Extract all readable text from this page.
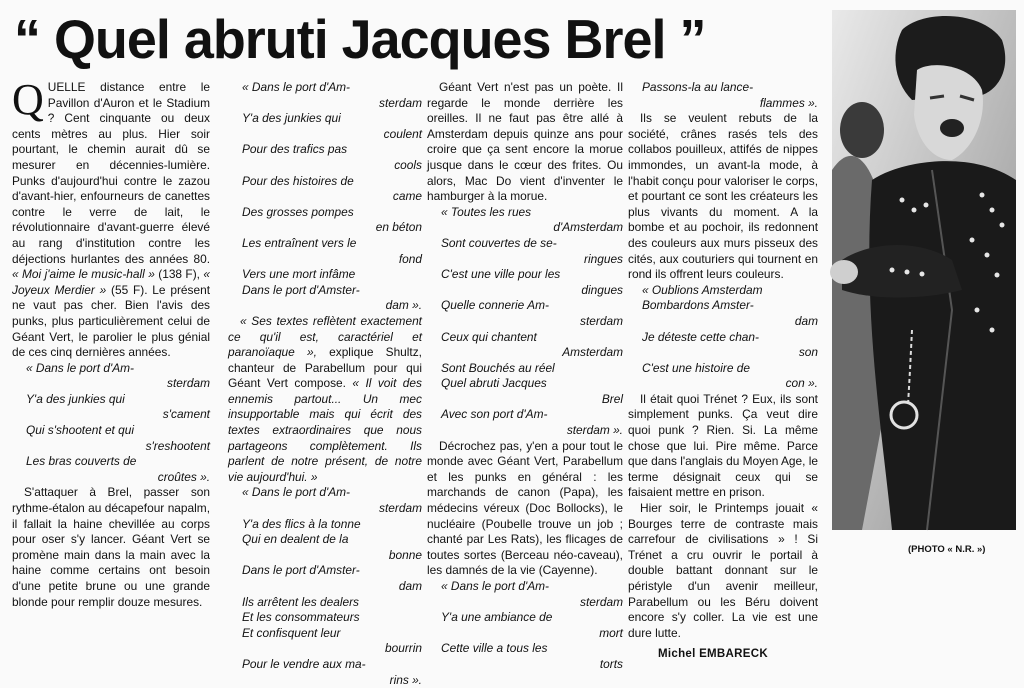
“ Quel abruti Jacques Brel ”

QUELLE distance entre le Pavillon d'Auron et le Stadium ? Cent cinquante ou deux cents mètres au plus. Hier soir pourtant, le chemin aurait dû se mesurer en décennies-lumière. Punks d'aujourd'hui contre le zazou d'avant-hier, enfourneurs de canettes contre le verre de lait, le révolutionnaire d'avant-guerre élevé au rang d'institution contre les déjections hurlantes des années 80. « Moi j'aime le music-hall » (138 F), « Joyeux Merdier » (55 F). Le présent ne vaut pas cher. Bien l'avis des punks, plus particulièrement celui de Géant Vert, le parolier le plus génial de ces cinq dernières années.

« Dans le port d'Am-
sterdam
Y'a des junkies qui
s'cament
Qui s'shootent et qui
s'reshootent
Les bras couverts de
croûtes ».

S'attaquer à Brel, passer son rythme-étalon au décapefour napalm, il fallait la haine chevillée au corps pour oser s'y lancer. Géant Vert se promène main dans la main avec la haine comme certains ont besoin d'une petite brune ou une grande blonde pour remplir douze mesures.

« Dans le port d'Am-
sterdam
Y'a des junkies qui
coulent
Pour des trafics pas
cools
Pour des histoires de
came
Des grosses pompes
en béton
Les entraînent vers le
fond
Vers une mort infâme
Dans le port d'Amster-
dam ».

« Ses textes reflètent exactement ce qu'il est, caractériel et paranoïaque », explique Shultz, chanteur de Parabellum pour qui Géant Vert compose. « Il voit des ennemis partout... Un mec insupportable mais qui écrit des textes extraordinaires que nous partageons complètement. Ils parlent de notre présent, de notre vie aujourd'hui. »

« Dans le port d'Am-
sterdam
Y'a des flics à la tonne
Qui en dealent de la
bonne
Dans le port d'Amster-
dam
Ils arrêtent les dealers
Et les consommateurs
Et confisquent leur
bourrin
Pour le vendre aux ma-
rins ».

Géant Vert n'est pas un poète. Il regarde le monde derrière les oreilles. Il ne faut pas être allé à Amsterdam depuis quinze ans pour croire que ça sent encore la morue jusque dans le cœur des frites. Ou alors, Mac Do vient d'inventer le hamburger à la morue.

« Toutes les rues
d'Amsterdam
Sont couvertes de se-
ringues
C'est une ville pour les
dingues
Quelle connerie Am-
sterdam
Ceux qui chantent
Amsterdam
Sont Bouchés au réel
Quel abruti Jacques
Brel
Avec son port d'Am-
sterdam ».

Décrochez pas, y'en a pour tout le monde avec Géant Vert, Parabellum et les punks en général : les marchands de canon (Papa), les médecins véreux (Doc Bollocks), le nucléaire (Poubelle trouve un job ; chanté par Les Rats), les flicages de toutes sortes (Berceau néo-caveau), les damnés de la vie (Cayenne).

« Dans le port d'Am-
sterdam
Y'a une ambiance de
mort
Cette ville a tous les
torts
Passons-la au lance-
flammes ».

Ils se veulent rebuts de la société, crânes rasés tels des collabos pouilleux, attifés de nippes immondes, un avant-la mode, à l'habit conçu pour valoriser le corps, et pourtant ce sont les créateurs les plus vivants du moment. A la bombe et au pochoir, ils redonnent des couleurs aux murs pisseux des cités, aux couturiers qui tournent en rond ils offrent leurs couleurs.

« Oublions Amsterdam
Bombardons Amster-
dam
Je déteste cette chan-
son
C'est une histoire de
con ».

Il était quoi Trénet ? Eux, ils sont simplement punks. Ça veut dire quoi punk ? Rien. Si. La même chose que lui. Pire même. Parce que dans l'anglais du Moyen Age, le terme désignait ceux qui se faisaient mettre en prison.

Hier soir, le Printemps jouait « Bourges terre de contraste mais carrefour de civilisations » ! Si Trénet a cru ouvrir le portail à double battant donnant sur le péristyle d'un avenir meilleur, Parabellum ou les Béru doivent encore s'y coller. La vie est une dure lutte.

Michel EMBARECK
(PHOTO « N.R. »)
